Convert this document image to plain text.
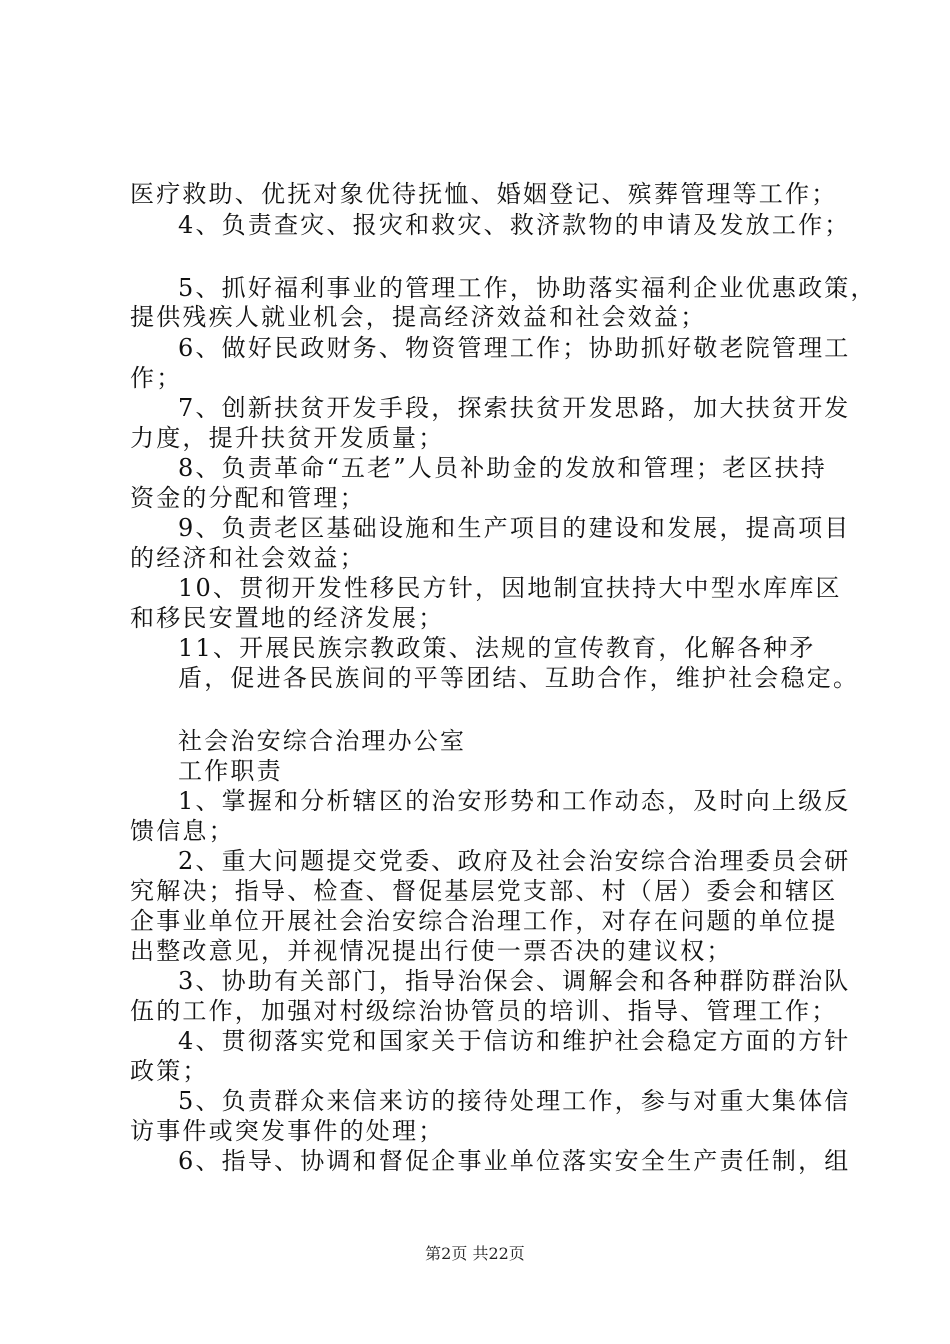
医疗救助、优抚对象优待抚恤、婚姻登记、殡葬管理等工作；
4、负责查灾、报灾和救灾、救济款物的申请及发放工作；
5、抓好福利事业的管理工作，协助落实福利企业优惠政策，
提供残疾人就业机会，提高经济效益和社会效益；
6、做好民政财务、物资管理工作；协助抓好敬老院管理工
作；
7、创新扶贫开发手段，探索扶贫开发思路，加大扶贫开发
力度，提升扶贫开发质量；
8、负责革命“五老”人员补助金的发放和管理；老区扶持
资金的分配和管理；
9、负责老区基础设施和生产项目的建设和发展，提高项目
的经济和社会效益；
10、贯彻开发性移民方针，因地制宜扶持大中型水库库区
和移民安置地的经济发展；
11、开展民族宗教政策、法规的宣传教育，化解各种矛
盾，促进各民族间的平等团结、互助合作，维护社会稳定。
社会治安综合治理办公室
工作职责
1、掌握和分析辖区的治安形势和工作动态，及时向上级反
馈信息；
2、重大问题提交党委、政府及社会治安综合治理委员会研
究解决；指导、检查、督促基层党支部、村（居）委会和辖区
企事业单位开展社会治安综合治理工作，对存在问题的单位提
出整改意见，并视情况提出行使一票否决的建议权；
3、协助有关部门，指导治保会、调解会和各种群防群治队
伍的工作，加强对村级综治协管员的培训、指导、管理工作；
4、贯彻落实党和国家关于信访和维护社会稳定方面的方针
政策；
5、负责群众来信来访的接待处理工作，参与对重大集体信
访事件或突发事件的处理；
6、指导、协调和督促企事业单位落实安全生产责任制，组
第2页 共22页
